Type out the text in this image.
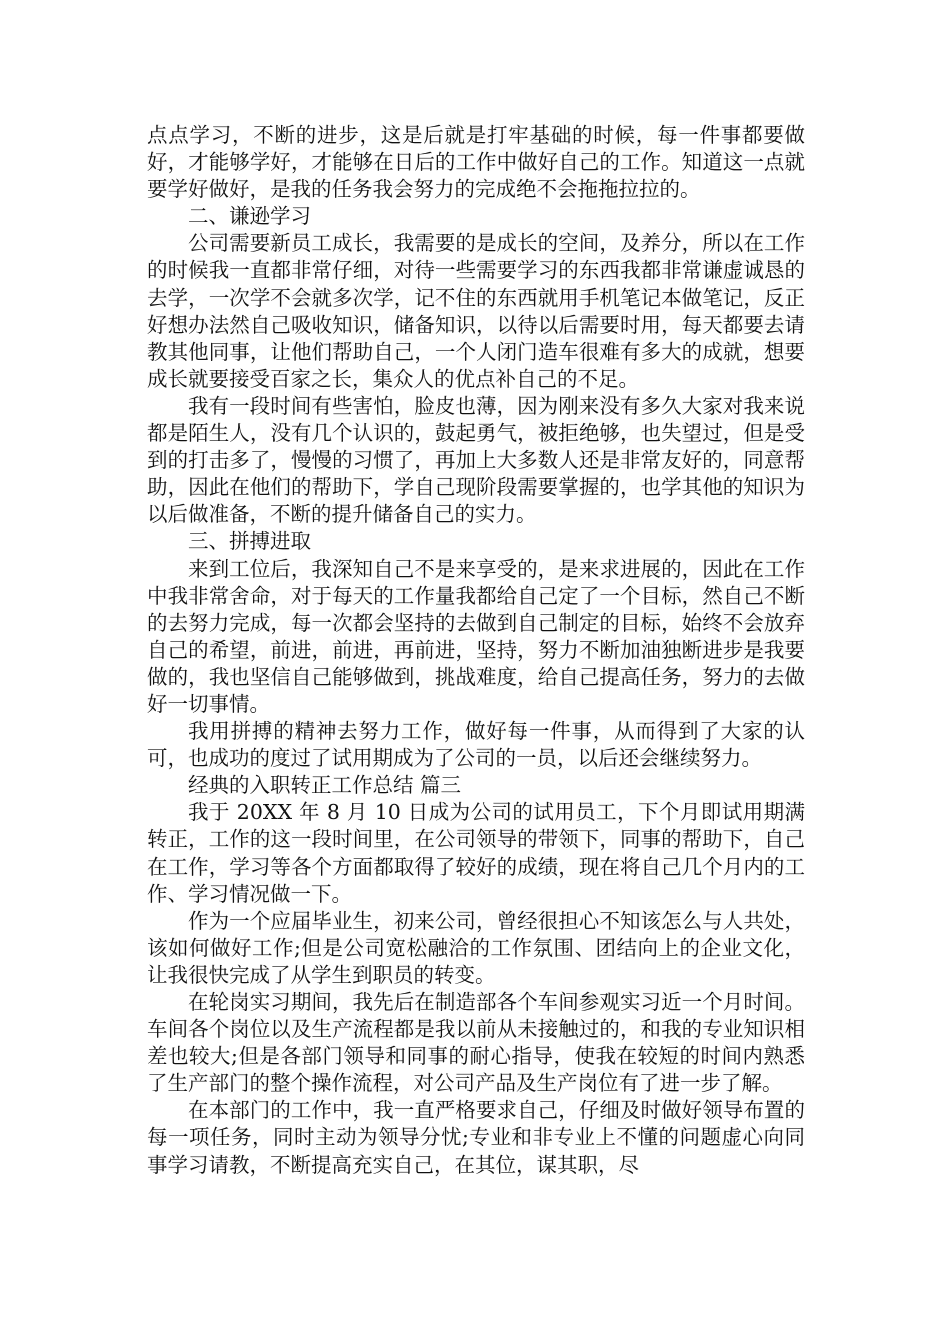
点点学习，不断的进步，这是后就是打牢基础的时候，每一件事都要做好，才能够学好，才能够在日后的工作中做好自己的工作。知道这一点就要学好做好，是我的任务我会努力的完成绝不会拖拖拉拉的。

二、谦逊学习

公司需要新员工成长，我需要的是成长的空间，及养分，所以在工作的时候我一直都非常仔细，对待一些需要学习的东西我都非常谦虚诚恳的去学，一次学不会就多次学，记不住的东西就用手机笔记本做笔记，反正好想办法然自己吸收知识，储备知识，以待以后需要时用，每天都要去请教其他同事，让他们帮助自己，一个人闭门造车很难有多大的成就，想要成长就要接受百家之长，集众人的优点补自己的不足。

我有一段时间有些害怕，脸皮也薄，因为刚来没有多久大家对我来说都是陌生人，没有几个认识的，鼓起勇气，被拒绝够，也失望过，但是受到的打击多了，慢慢的习惯了，再加上大多数人还是非常友好的，同意帮助，因此在他们的帮助下，学自己现阶段需要掌握的，也学其他的知识为以后做准备，不断的提升储备自己的实力。

三、拼搏进取

来到工位后，我深知自己不是来享受的，是来求进展的，因此在工作中我非常舍命，对于每天的工作量我都给自己定了一个目标，然自己不断的去努力完成，每一次都会坚持的去做到自己制定的目标，始终不会放弃自己的希望，前进，前进，再前进，坚持，努力不断加油独断进步是我要做的，我也坚信自己能够做到，挑战难度，给自己提高任务，努力的去做好一切事情。

我用拼搏的精神去努力工作，做好每一件事，从而得到了大家的认可，也成功的度过了试用期成为了公司的一员，以后还会继续努力。

经典的入职转正工作总结 篇三

我于 20XX 年 8 月 10 日成为公司的试用员工，下个月即试用期满转正，工作的这一段时间里，在公司领导的带领下，同事的帮助下，自己在工作，学习等各个方面都取得了较好的成绩，现在将自己几个月内的工作、学习情况做一下。

作为一个应届毕业生，初来公司，曾经很担心不知该怎么与人共处，该如何做好工作;但是公司宽松融洽的工作氛围、团结向上的企业文化，让我很快完成了从学生到职员的转变。

在轮岗实习期间，我先后在制造部各个车间参观实习近一个月时间。车间各个岗位以及生产流程都是我以前从未接触过的，和我的专业知识相差也较大;但是各部门领导和同事的耐心指导，使我在较短的时间内熟悉了生产部门的整个操作流程，对公司产品及生产岗位有了进一步了解。

在本部门的工作中，我一直严格要求自己，仔细及时做好领导布置的每一项任务，同时主动为领导分忧;专业和非专业上不懂的问题虚心向同事学习请教，不断提高充实自己，在其位，谋其职，尽
